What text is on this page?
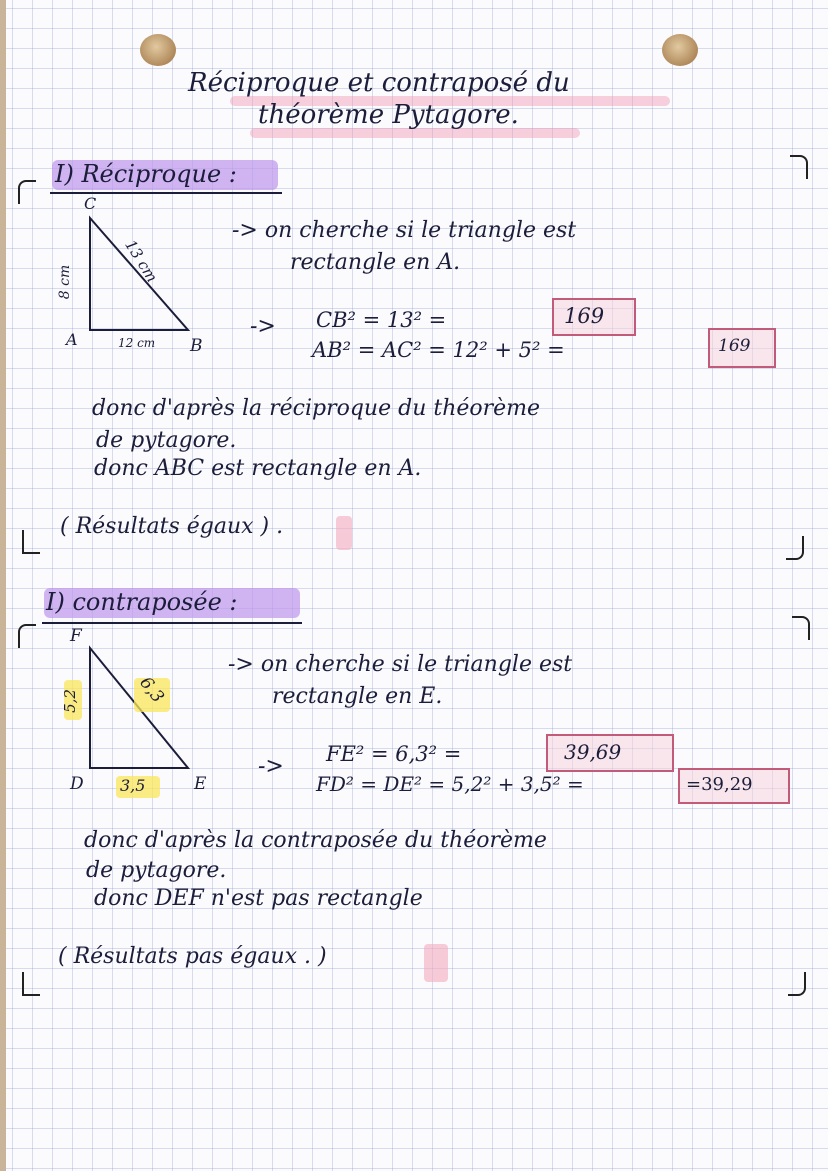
Réciproque et contraposé du
théorème Pytagore.
I) Réciproque :
C
A	B
8 cm	13 cm
12 cm
-> on cherche si le triangle est
rectangle en A.
-> CB² = 13² =	169
AB² = AC² = 12² + 5² =	169
donc d'après la réciproque du théorème
de pytagore.
donc ABC est rectangle en A.
( Résultats égaux ) .
I) contraposée :
F
D	E
5,2	6,3
3,5
-> on cherche si le triangle est
rectangle en E.
-> FE² = 6,3² =	39,69
FD² = DE² = 5,2² + 3,5² =	=39,29
donc d'après la contraposée du théorème
de pytagore.
donc DEF n'est pas rectangle
( Résultats pas égaux . )
